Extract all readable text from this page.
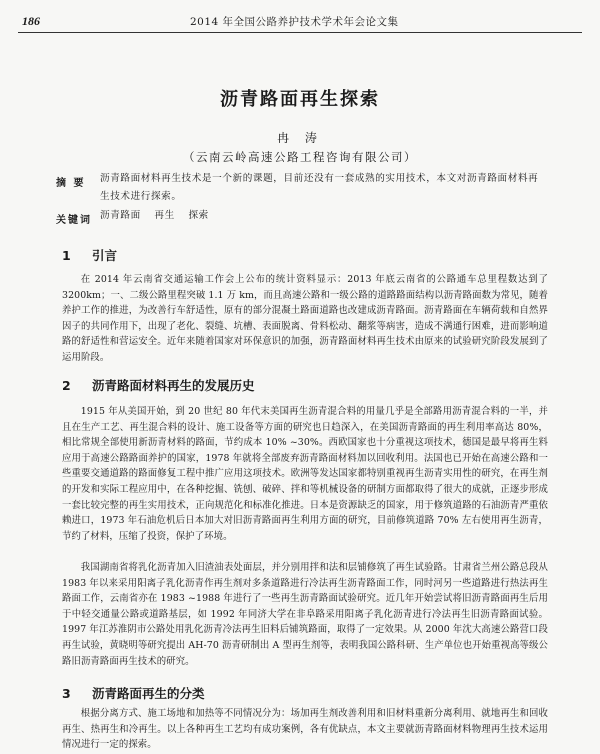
186	2014 年全国公路养护技术学术年会论文集
沥青路面再生探索
冉 涛
（云南云岭高速公路工程咨询有限公司）
摘 要 沥青路面材料再生技术是一个新的课题，目前还没有一套成熟的实用技术，本文对沥青路面材料再生技术进行探索。
关键词 沥青路面 再生 探索
1 引言
在 2014 年云南省交通运输工作会上公布的统计资料显示：2013 年底云南省的公路通车总里程数达到了 3200km；一、二级公路里程突破 1.1 万 km，而且高速公路和一级公路的道路路面结构以沥青路面数为常见，随着养护工作的推进，为改善行车舒适性，原有的部分混凝土路面道路也改建成沥青路面。沥青路面在车辆荷载和自然界因子的共同作用下，出现了老化、裂缝、坑槽、表面脱离、骨料松动、翻浆等病害，造成不满通行困难，进而影响道路的舒适性和营运安全。近年来随着国家对环保意识的加强，沥青路面材料再生技术由原来的试验研究阶段发展到了运用阶段。
2 沥青路面材料再生的发展历史
1915 年从美国开始，到 20 世纪 80 年代末美国再生沥青混合料的用量几乎是全部路用沥青混合料的一半，并且在生产工艺、再生混合料的设计、施工设备等方面的研究也日趋深入，在美国沥青路面的再生利用率高达 80%，相比常规全部使用新沥青材料的路面，节约成本 10% ~30%。西欧国家也十分重视这项技术，德国是最早将再生料应用于高速公路路面养护的国家，1978 年就将全部废弃沥青路面材料加以回收利用。法国也已开始在高速公路和一些重要交通道路的路面修复工程中推广应用这项技术。欧洲等发达国家都特别重视再生沥青实用性的研究，在再生剂的开发和实际工程应用中，在各种挖掘、铣刨、破碎、拌和等机械设备的研制方面都取得了很大的成就，正逐步形成一套比较完整的再生实用技术，正向规范化和标准化推进。日本是资源缺乏的国家，用于修筑道路的石油沥青严重依赖进口，1973 年石油危机后日本加大对旧沥青路面再生利用方面的研究，目前修筑道路 70% 左右使用再生沥青，节约了材料，压缩了投资，保护了环境。
我国湖南省将乳化沥青加入旧渣油表处面层，并分别用拌和法和层铺修筑了再生试验路。甘肃省兰州公路总段从 1983 年以来采用阳离子乳化沥青作再生剂对多条道路进行冷法再生沥青路面工作，同时河另一些道路进行热法再生路面工作，云南省亦在 1983 ~1988 年进行了一些再生沥青路面试验研究。近几年开始尝试将旧沥青路面再生后用于中轻交通量公路或道路基层，如 1992 年同济大学在非阜路采用阳离子乳化沥青进行冷法再生旧沥青路面试验。1997 年江苏淮阴市公路处用乳化沥青冷法再生旧料后铺筑路面，取得了一定效果。从 2000 年沈大高速公路营口段再生试验，黄晓明等研究提出 AH-70 沥青研制出 A 型再生剂等，表明我国公路科研、生产单位也开始重视高等级公路旧沥青路面再生技术的研究。
3 沥青路面再生的分类
根据分离方式、施工场地和加热等不同情况分为：场加再生剂改善利用和旧材料重新分离利用、就地再生和回收再生、热再生和冷再生。以上各种再生工艺均有成功案例，各有优缺点，本文主要就沥青路面材料物理再生技术运用情况进行一定的探索。
